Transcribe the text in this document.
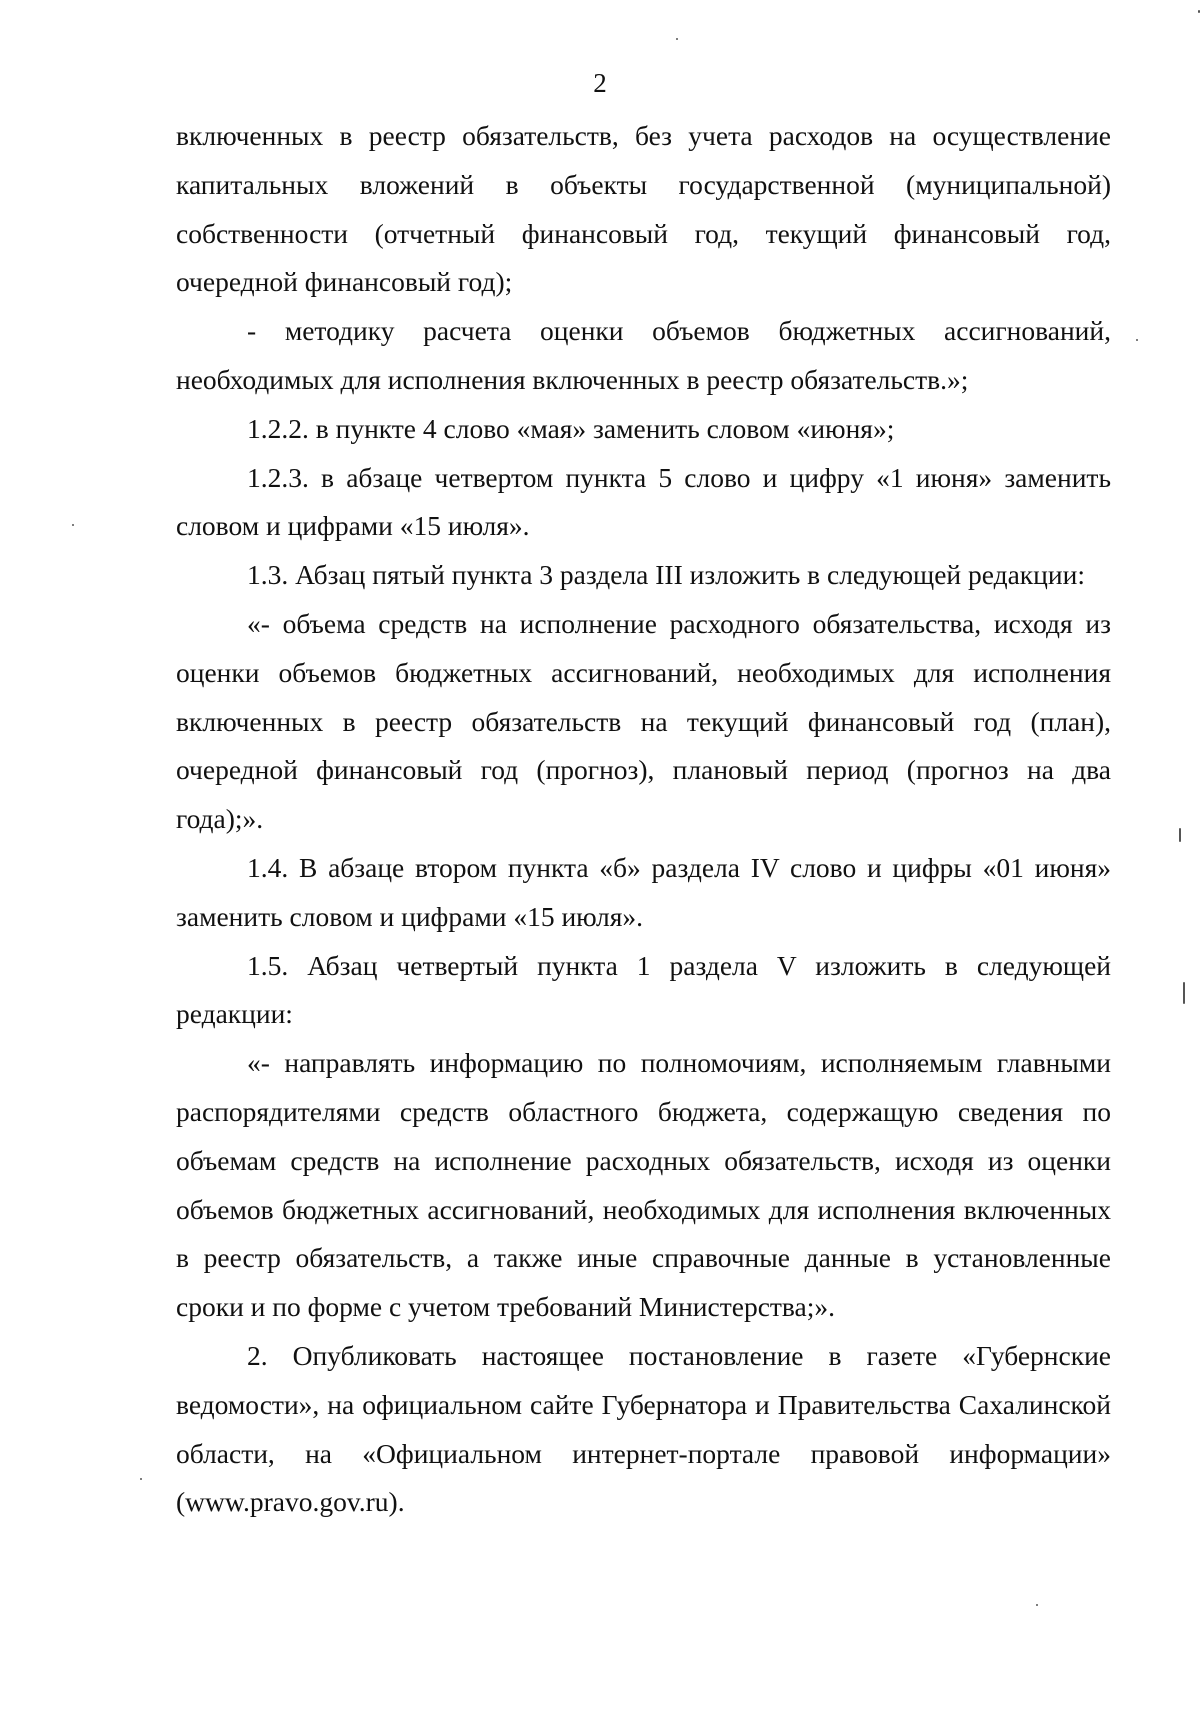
2

включенных в реестр обязательств, без учета расходов на осуществление капитальных вложений в объекты государственной (муниципальной) собственности (отчетный финансовый год, текущий финансовый год, очередной финансовый год);

- методику расчета оценки объемов бюджетных ассигнований, необходимых для исполнения включенных в реестр обязательств.»;

1.2.2. в пункте 4 слово «мая» заменить словом «июня»;

1.2.3. в абзаце четвертом пункта 5 слово и цифру «1 июня» заменить словом и цифрами «15 июля».

1.3. Абзац пятый пункта 3 раздела III изложить в следующей редакции:

«- объема средств на исполнение расходного обязательства, исходя из оценки объемов бюджетных ассигнований, необходимых для исполнения включенных в реестр обязательств на текущий финансовый год (план), очередной финансовый год (прогноз), плановый период (прогноз на два года);».

1.4. В абзаце втором пункта «б» раздела IV слово и цифры «01 июня» заменить словом и цифрами «15 июля».

1.5. Абзац четвертый пункта 1 раздела V изложить в следующей редакции:

«- направлять информацию по полномочиям, исполняемым главными распорядителями средств областного бюджета, содержащую сведения по объемам средств на исполнение расходных обязательств, исходя из оценки объемов бюджетных ассигнований, необходимых для исполнения включенных в реестр обязательств, а также иные справочные данные в установленные сроки и по форме с учетом требований Министерства;».

2. Опубликовать настоящее постановление в газете «Губернские ведомости», на официальном сайте Губернатора и Правительства Сахалинской области, на «Официальном интернет-портале правовой информации» (www.pravo.gov.ru).
